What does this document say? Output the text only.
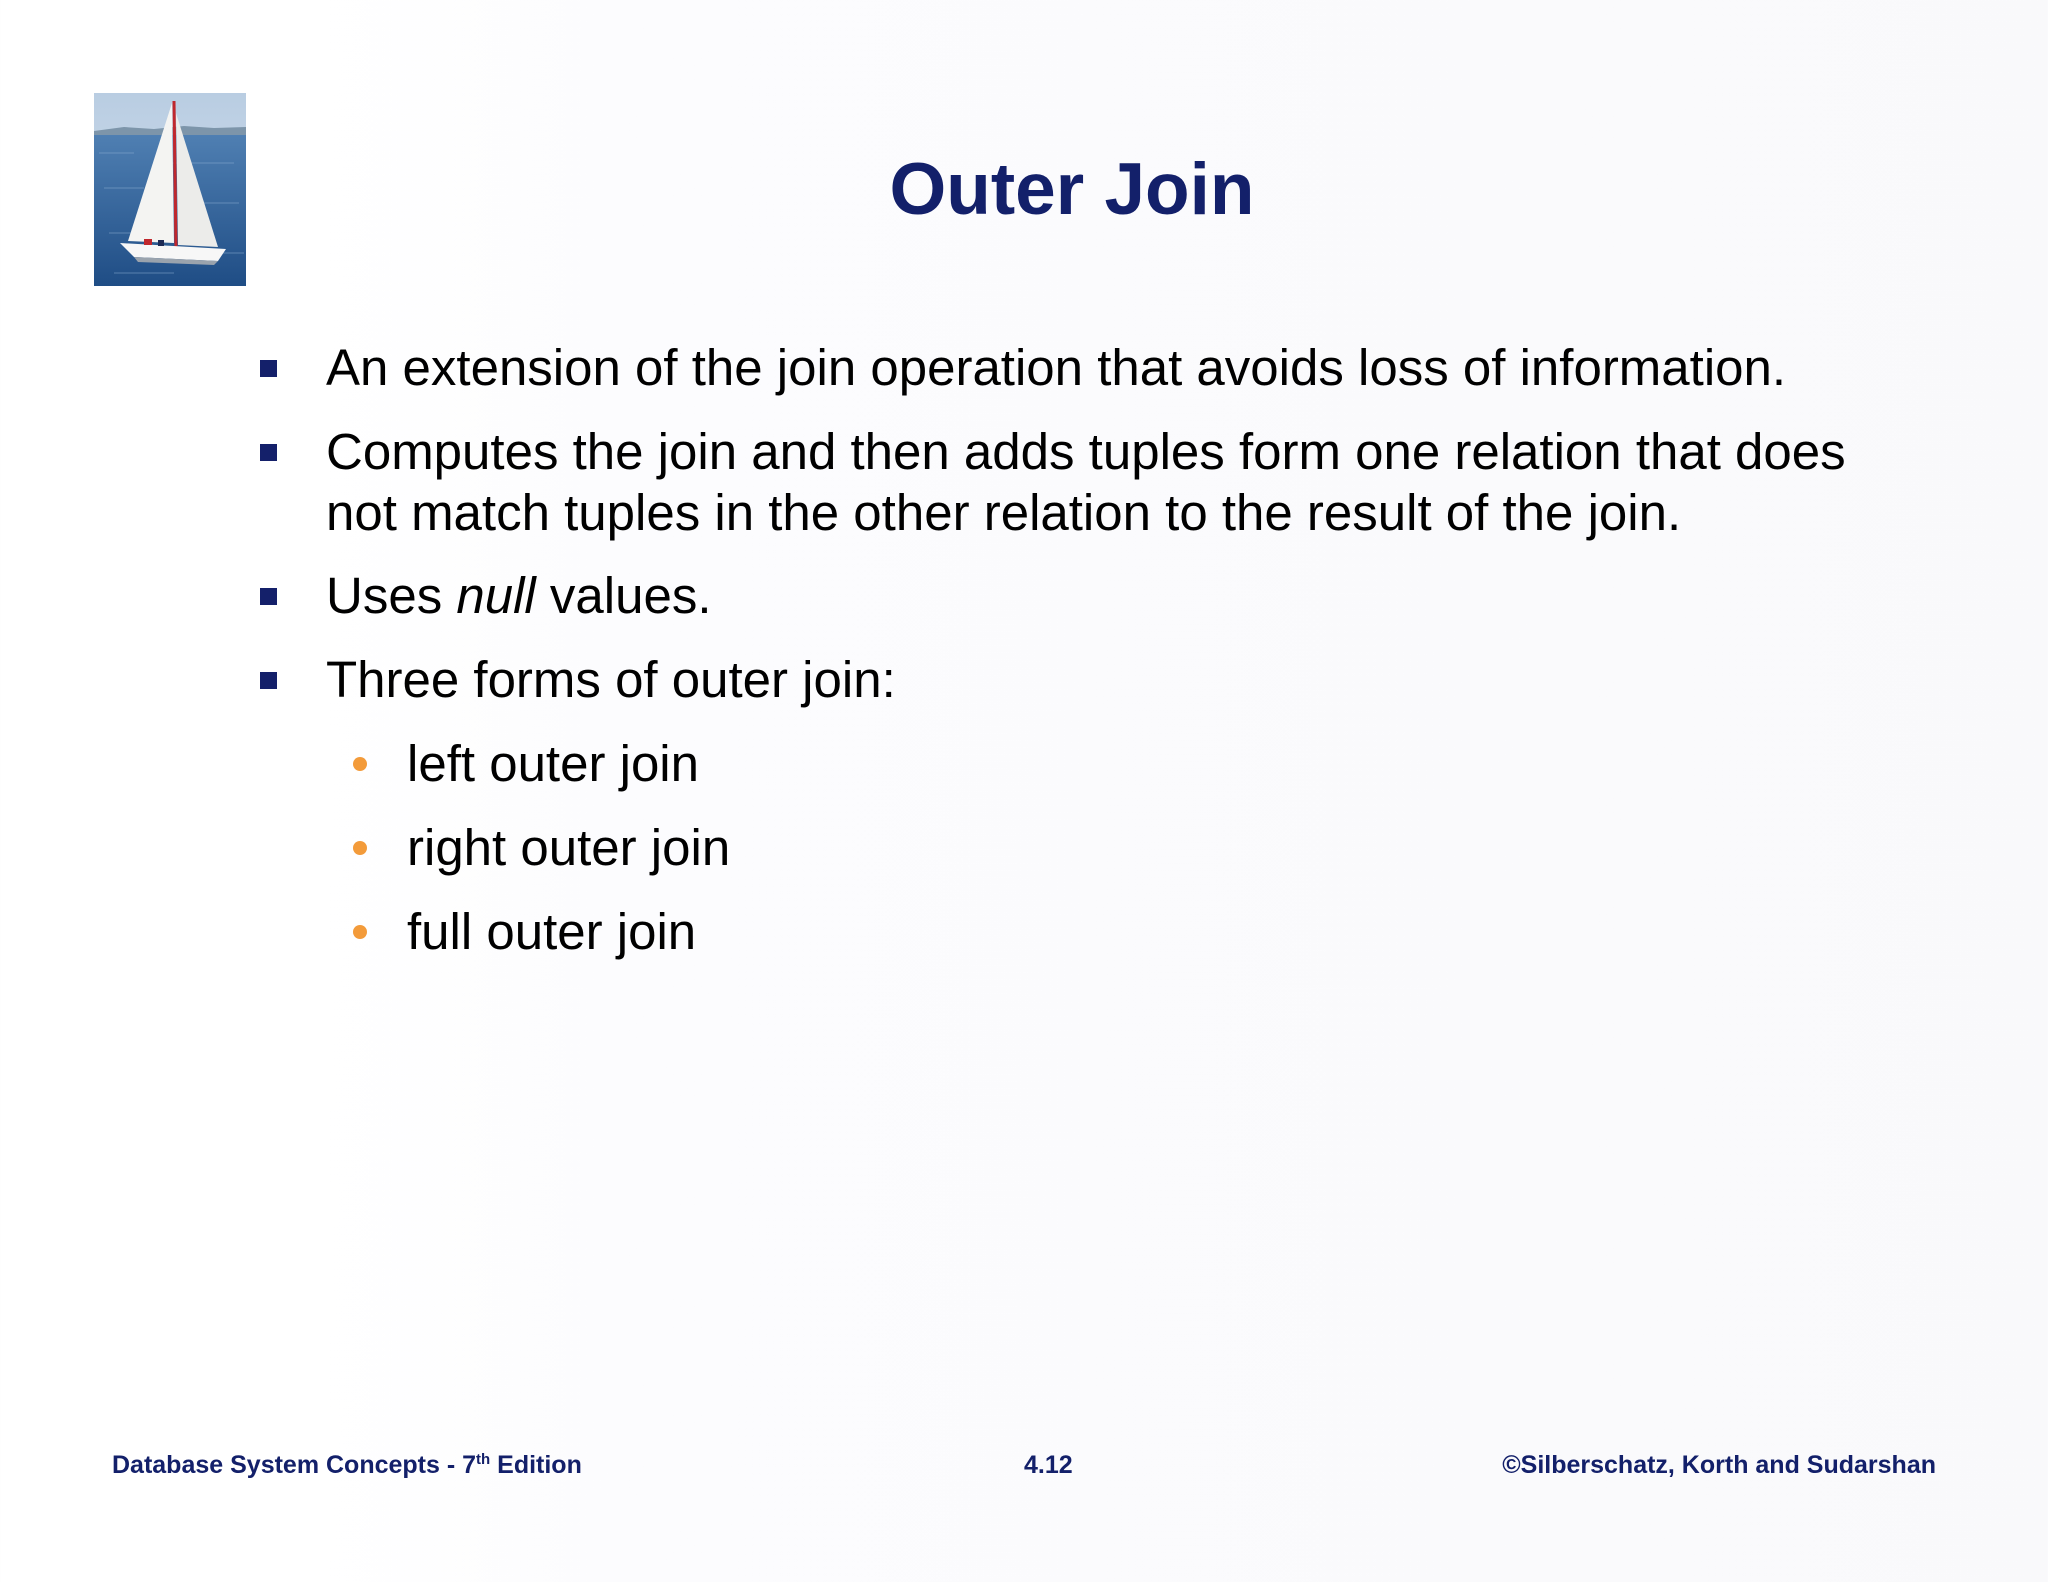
Outer Join
An extension of the join operation that avoids loss of information.
Computes the join and then adds tuples form one relation that does
not match tuples in the other relation to the result of the join.
Uses null values.
Three forms of outer join:
left outer join
right outer join
full outer join
Database System Concepts - 7th Edition	4.12	©Silberschatz, Korth and Sudarshan
